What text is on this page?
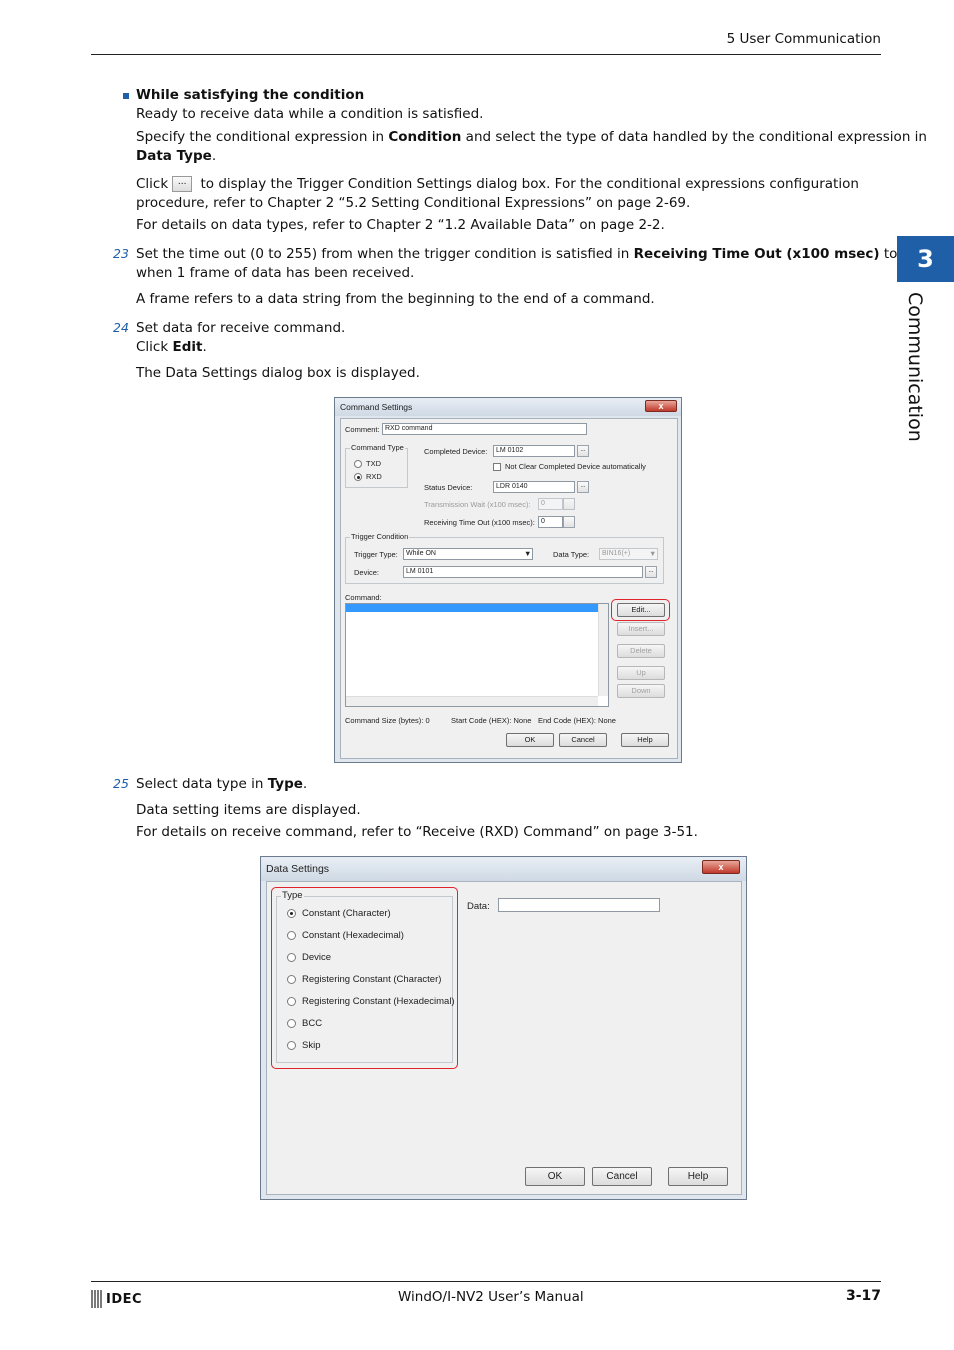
5 User Communication
3
Communication
While satisfying the condition
Ready to receive data while a condition is satisfied.
Specify the conditional expression in Condition and select the type of data handled by the conditional expression in
Data Type.
Click ... to display the Trigger Condition Settings dialog box. For the conditional expressions configuration
procedure, refer to Chapter 2 “5.2 Setting Conditional Expressions” on page 2-69.
For details on data types, refer to Chapter 2 “1.2 Available Data” on page 2-2.
23 Set the time out (0 to 255) from when the trigger condition is satisfied in Receiving Time Out (x100 msec) to
when 1 frame of data has been received.
A frame refers to a data string from the beginning to the end of a command.
24 Set data for receive command.
Click Edit.
The Data Settings dialog box is displayed.
Command Settings	x
Comment: RXD command
Command Type
TXD
RXD
Completed Device:	LM 0102	...
Not Clear Completed Device automatically
Status Device:	LDR 0140	...
Transmission Wait (x100 msec):	0
Receiving Time Out (x100 msec): 0
Trigger Condition
Trigger Type:	While ON	▼	Data Type:	BIN16(+)	▼
Device:	LM 0101	...
Command:
Edit...
Insert...
Delete
Up
Down
Command Size (bytes): 0	Start Code (HEX): None End Code (HEX): None
OK	Cancel	Help
25 Select data type in Type.
Data setting items are displayed.
For details on receive command, refer to “Receive (RXD) Command” on page 3-51.
Data Settings	x
Type
Constant (Character)
Constant (Hexadecimal)
Device
Registering Constant (Character)
Registering Constant (Hexadecimal)
BCC
Skip
Data:
OK	Cancel	Help
IDEC	WindO/I-NV2 User’s Manual	3-17
